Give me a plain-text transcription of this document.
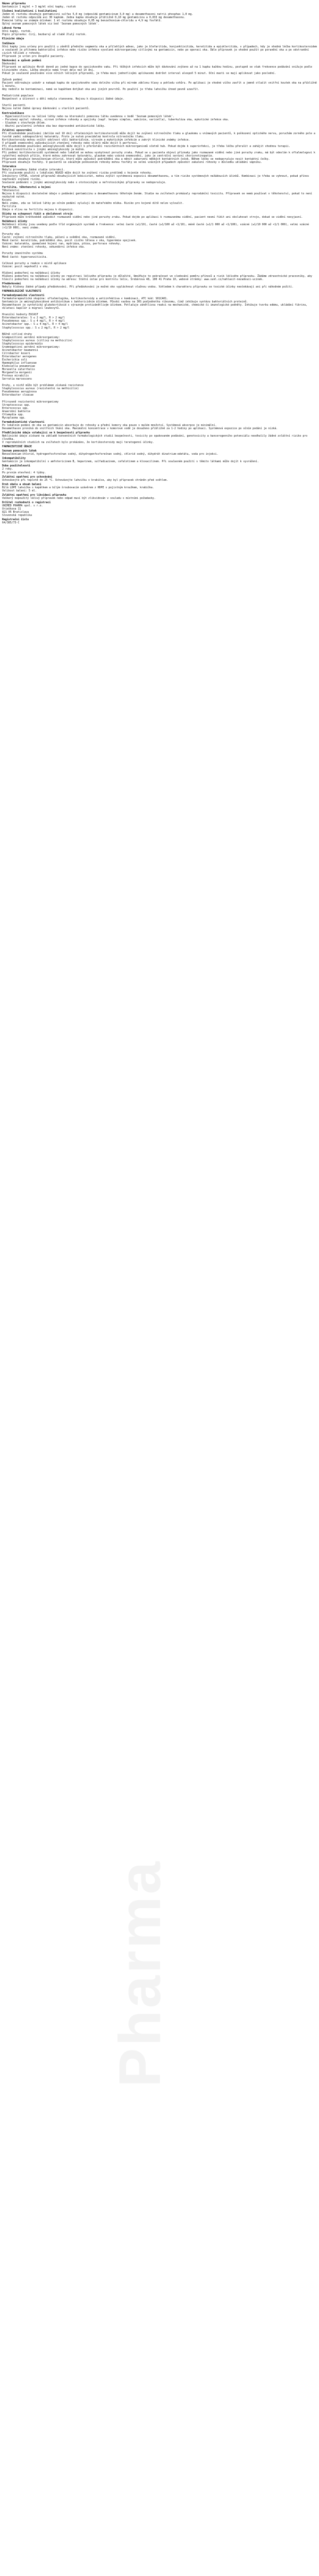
Pharma
Název přípravku
Gentamicin 1 mg/ml + 3 mg/ml oční kapky, roztok
Složení kvalitativní i kvalitativní
Jeden ml roztoku obsahuje gentamicini sulfas 5,0 mg (odpovídá gentamicinum 3,0 mg) a dexamethasoni natrii phosphas 1,0 mg.
Jeden ml roztoku odpovídá asi 30 kapkám. Jedna kapka obsahuje přibližně 0,10 mg gentamicinu a 0,033 mg dexamethasonu.
Pomocné látky se známým účinkem: 1 ml roztoku obsahuje 0,05 mg benzalkonium-chloridu a 4,9 mg fosfátů.
Úplný seznam pomocných látek viz bod 'Seznam pomocných látek'.
Léková forma
Oční kapky, roztok.
Popis přípravku: čirý, bezbarvý až slabě žlutý roztok.
Klinické údaje
Indikace
Oční kapky jsou určeny pro použití u zánětů předního segmentu oka a přilehlých adnex, jako je blefaritida, konjunktivitida, keratitida a episkleritida, v případech, kdy je vhodná léčba kortikosteroidem a současně je přítomna bakteriální infekce nebo riziko infekce vyvolané mikroorganismy citlivými na gentamicin, nebo po operaci oka. Dále přípravek je vhodné použít po poranění oka a po odstranění cizích tělísek z rohovky.
Přípravek je určen pro dospělé pacienty.
Dávkování a způsob podání
Dávkování
Přípravek se aplikuje 4krát denně po jedné kapce do spojivkového vaku. Při těžkých infekcích může být dávkování zvýšeno až na 1 kapku každou hodinu, postupně se však frekvence podávání snižuje podle klinického stavu. Léčba obvykle nemá trvat déle než 14 dní.
Pokud je současně používáno více očních léčivých přípravků, je třeba mezi jednotlivými aplikacemi dodržet interval alespoň 5 minut. Oční masti se mají aplikovat jako poslední.

Způsob podání
Pacient odšroubuje uzávěr a nakapá kapku do spojivkového vaku dolního víčka při mírném záklonu hlavy a pohledu vzhůru. Po aplikaci je vhodné víčko zavřít a jemně stlačit vnitřní koutek oka na přibližně 1 minutu.
Aby nedošlo ke kontaminaci, nemá se kapátkem dotýkat oka ani jiných povrchů. Po použití je třeba lahvičku ihned pevně uzavřít.

Pediatrická populace
Bezpečnost a účinnost u dětí nebyla stanovena. Nejsou k dispozici žádné údaje.

Starší pacienti
Nejsou nutné žádné úpravy dávkování u starších pacientů.
Kontraindikace
- Hypersenzitivita na léčivé látky nebo na kteroukoli pomocnou látku uvedenou v bodě 'Seznam pomocných látek'.
- Porušený epitel rohovky, virové infekce rohovky a spojivky (např. herpes simplex, vakcinie, varicella), tuberkulóza oka, mykotické infekce oka.
- Glaukom s otevřeným úhlem.
- Akutní purulentní infekce oka bez doprovodné antibiotické léčby.
Zvláštní upozornění
Při dlouhodobém používání (delším než 10 dní) oftalmických kortikosteroidů může dojít ke zvýšení nitroočního tlaku a glaukomu u vnímavých pacientů, k poškození optického nervu, poruchám zorného pole a tvorbě zadní subkapsulární katarakty. Proto je nutná pravidelná kontrola nitroočního tlaku.
Kortikosteroidy mohou snížit odolnost vůči bakteriálním, virovým a mykotickým infekcím a zakrýt klinické známky infekce.
V případě onemocnění způsobujících ztenčení rohovky nebo skléry může dojít k perforaci.
Při dlouhodobém používání aminoglykosidů může dojít k přerůstání rezistentních mikroorganismů včetně hub. Pokud dojde k superinfekci, je třeba léčbu přerušit a zahájit vhodnou terapii.
Křížová senzitivita s jinými aminoglykosidy je možná.
Při podání kortikosteroidů systémově nebo lokálně se mohou vyskytnout poruchy zraku. Pokud se u pacienta objeví příznaky jako rozmazané vidění nebo jiné poruchy zraku, má být odeslán k oftalmologovi k vyšetření možných příčin, které mohou zahrnovat kataraktu, glaukom nebo vzácná onemocnění, jako je centrální serózní chorioretinopatie.
Přípravek obsahuje benzalkonium-chlorid, který může způsobit podráždění oka a měnit zabarvení měkkých kontaktních čoček. Během léčby se nedoporučuje nosit kontaktní čočky.
Přípravek obsahuje fosfáty. U pacientů se závažným poškozením rohovky mohou fosfáty ve velmi vzácných případech způsobit zakalení rohovky v důsledku ukládání vápníku.
Interakce
Nebyly provedeny žádné studie interakcí.
Při současném použití s lokálními NSAID může dojít ke zvýšení rizika problémů s hojením rohovky.
Inhibitory CYP3A, včetně přípravků obsahujících kobicistat, mohou zvýšit systémovou expozici dexamethasonu, a tím riziko systémových nežádoucích účinků. Kombinaci je třeba se vyhnout, pokud přínos nepřeváží zvýšené riziko.
Současné podávání s jinými aminoglykosidy nebo s ototoxickými a nefrotoxickými přípravky se nedoporučuje.
Fertilita, těhotenství a kojení
Těhotenství
Nejsou k dispozici dostatečné údaje o podávání gentamicinu a dexamethasonu těhotným ženám. Studie na zvířatech prokázaly reprodukční toxicitu. Přípravek se nemá používat v těhotenství, pokud to není nezbytně nutné.
Kojení
Není známo, zda se léčivé látky po očním podání vylučují do mateřského mléka. Riziko pro kojené dítě nelze vyloučit.
Fertilita
Údaje o vlivu na fertilitu nejsou k dispozici.
Účinky na schopnost řídit a obsluhovat stroje
Přípravek může krátkodobě způsobit rozmazané vidění nebo jiné poruchy zraku. Pokud dojde po aplikaci k rozmazanému vidění, pacient nesmí řídit ani obsluhovat stroje, dokud se vidění nevyjasní.
Nežádoucí účinky
Nežádoucí účinky jsou uvedeny podle tříd orgánových systémů a frekvence: velmi časté (≥1/10), časté (≥1/100 až <1/10), méně časté (≥1/1 000 až <1/100), vzácné (≥1/10 000 až <1/1 000), velmi vzácné (<1/10 000), není známo.

Poruchy oka
Časté: zvýšení nitroočního tlaku, pálení a svědění oka, rozmazané vidění.
Méně časté: keratitida, podráždění oka, pocit cizího tělesa v oku, hyperémie spojivek.
Vzácné: katarakta, zpomalené hojení ran, mydriáza, ptóza, perforace rohovky.
Není známo: ztenčení rohovky, sekundární infekce oka.

Poruchy imunitního systému
Méně časté: hypersenzitivita.

Celkové poruchy a reakce v místě aplikace
Vzácné: pocit nepohodlí v oku.

Hlášení podezření na nežádoucí účinky
Hlášení podezření na nežádoucí účinky po registraci léčivého přípravku je důležité. Umožňuje to pokračovat ve sledování poměru přínosů a rizik léčivého přípravku. Žádáme zdravotnické pracovníky, aby hlásili podezření na nežádoucí účinky na adresu: Státní ústav pro kontrolu léčiv, Šrobárova 48, 100 41 Praha 10, webové stránky: www.sukl.cz/nahlasit-nezadouci-ucinek.
Předávkování
Nebyly hlášeny žádné případy předávkování. Při předávkování je možné oko vypláchnout vlažnou vodou. Vzhledem k charakteru přípravku se toxické účinky neočekávají ani při náhodném požití.
FARMAKOLOGICKÉ VLASTNOSTI
Farmakodynamické vlastnosti
Farmakoterapeutická skupina: oftalmologika, kortikosteroidy a antiinfektiva v kombinaci, ATC kód: S01CA01.
Gentamicin je aminoglykosidové antibiotikum s baktericidním účinkem. Působí vazbou na 30S podjednotku ribozomu, čímž inhibuje syntézu bakteriálních proteinů.
Dexamethason je syntetický glukokortikoid s výrazným protizánětlivým účinkem. Potlačuje zánětlivou reakci na mechanické, chemické či imunologické podněty. Inhibuje tvorbu edému, ukládání fibrinu, dilataci kapilár a migraci leukocytů.

Hraniční hodnoty EUCAST
Enterobacterales: S ≤ 2 mg/l, R > 2 mg/l
Pseudomonas spp.: S ≤ 4 mg/l, R > 4 mg/l
Acinetobacter spp.: S ≤ 4 mg/l, R > 4 mg/l
Staphylococcus spp.: S ≤ 2 mg/l, R > 2 mg/l

Běžně citlivé druhy
Grampozitivní aerobní mikroorganismy:
Staphylococcus aureus (citlivý na methicilin)
Staphylococcus epidermidis
Gramnegativní aerobní mikroorganismy:
Acinetobacter baumannii
Citrobacter koseri
Enterobacter aerogenes
Escherichia coli
Haemophilus influenzae
Klebsiella pneumoniae
Moraxella catarrhalis
Morganella morganii
Proteus mirabilis
Serratia marcescens

Druhy, u nichž může být problémem získaná rezistence
Staphylococcus aureus (rezistentní na methicilin)
Pseudomonas aeruginosa
Enterobacter cloacae

Přirozeně rezistentní mikroorganismy
Streptococcus spp.
Enterococcus spp.
Anaerobní bakterie
Chlamydia spp.
Mycoplasma spp.
Farmakokinetické vlastnosti
Po lokálním podání do oka se gentamicin absorbuje do rohovky a přední komory oka pouze v malém množství. Systémová absorpce je minimální.
Dexamethason proniká do vnitřních tkání oka. Maximální koncentrace v komorové vodě je dosaženo přibližně za 1-2 hodiny po aplikaci. Systémová expozice po očním podání je nízká.
Předklinické údaje vztahující se k bezpečnosti přípravku
Neklinické údaje získané na základě konvenčních farmakologických studií bezpečnosti, toxicity po opakovaném podávání, genotoxicity a kancerogenního potenciálu neodhalily žádné zvláštní riziko pro člověka.
V reprodukčních studiích na zvířatech bylo prokázáno, že kortikosteroidy mají teratogenní účinky.
FARMACEUTICKÉ ÚDAJE
Seznam pomocných látek
Benzalkonium-chlorid, hydrogenfosforečnan sodný, dihydrogenfosforečnan sodný, chlorid sodný, dihydrát dinatrium-edetátu, voda pro injekci.
Inkompatibility
Gentamicin je inkompatibilní s amfotericinem B, heparinem, sulfadiazinem, cefalotinem a kloxacilinem. Při současném použití s těmito látkami může dojít k vysrážení.
Doba použitelnosti
2 roky.
Po prvním otevření: 4 týdny.
Zvláštní opatření pro uchovávání
Uchovávejte při teplotě do 25 °C. Uchovávejte lahvičku v krabičce, aby byl přípravek chráněn před světlem.
Druh obalu a obsah balení
Bílá LDPE lahvička s kapátkem a bílým šroubovacím uzávěrem z HDPE s pojistným kroužkem, krabička.
Velikost balení: 5 ml.
Zvláštní opatření pro likvidaci přípravku
Veškerý nepoužitý léčivý přípravek nebo odpad musí být zlikvidován v souladu s místními požadavky.
Držitel rozhodnutí o registraci
UNIMED PHARMA spol. s r.o.
Orieškova 11
821 05 Bratislava
Slovenská republika
Registrační číslo
64/385/73-C
